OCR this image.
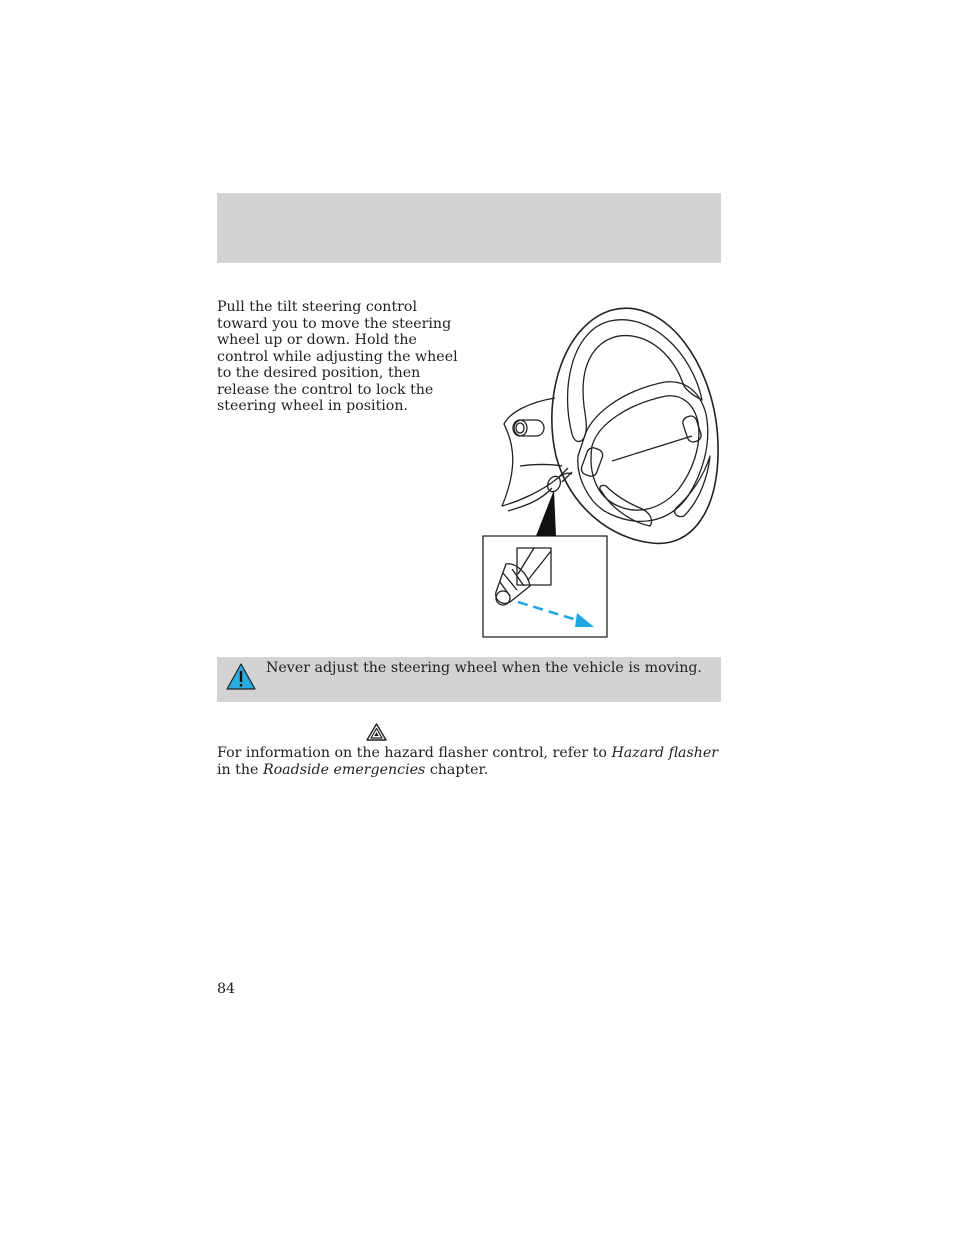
Pull the tilt steering control toward you to move the steering wheel up or down. Hold the control while adjusting the wheel to the desired position, then release the control to lock the steering wheel in position.

Never adjust the steering wheel when the vehicle is moving.

For information on the hazard flasher control, refer to Hazard flasher in the Roadside emergencies chapter.

84
